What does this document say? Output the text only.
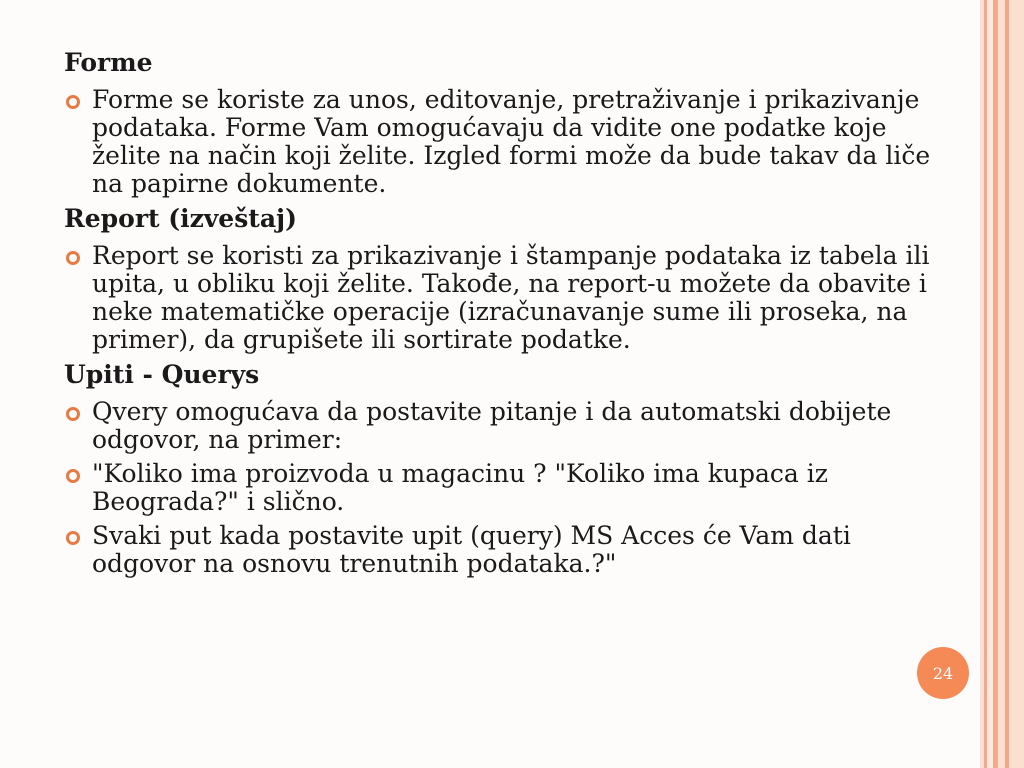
Forme
Forme se koriste za unos, editovanje, pretraživanje i prikazivanje podataka. Forme Vam omogućavaju da vidite one podatke koje želite na način koji želite. Izgled formi može da bude takav da liče na papirne dokumente.
Report (izveštaj)
Report se koristi za prikazivanje i štampanje podataka iz tabela ili upita, u obliku koji želite. Takođe, na report-u možete da obavite i neke matematičke operacije (izračunavanje sume ili proseka, na primer), da grupišete ili sortirate podatke.
Upiti - Querys
Qvery omogućava da postavite pitanje i da automatski dobijete odgovor, na primer:
"Koliko ima proizvoda u magacinu ? "Koliko ima kupaca iz Beograda?" i slično.
Svaki put kada postavite upit (query) MS Acces će Vam dati odgovor na osnovu trenutnih podataka.?"
24
